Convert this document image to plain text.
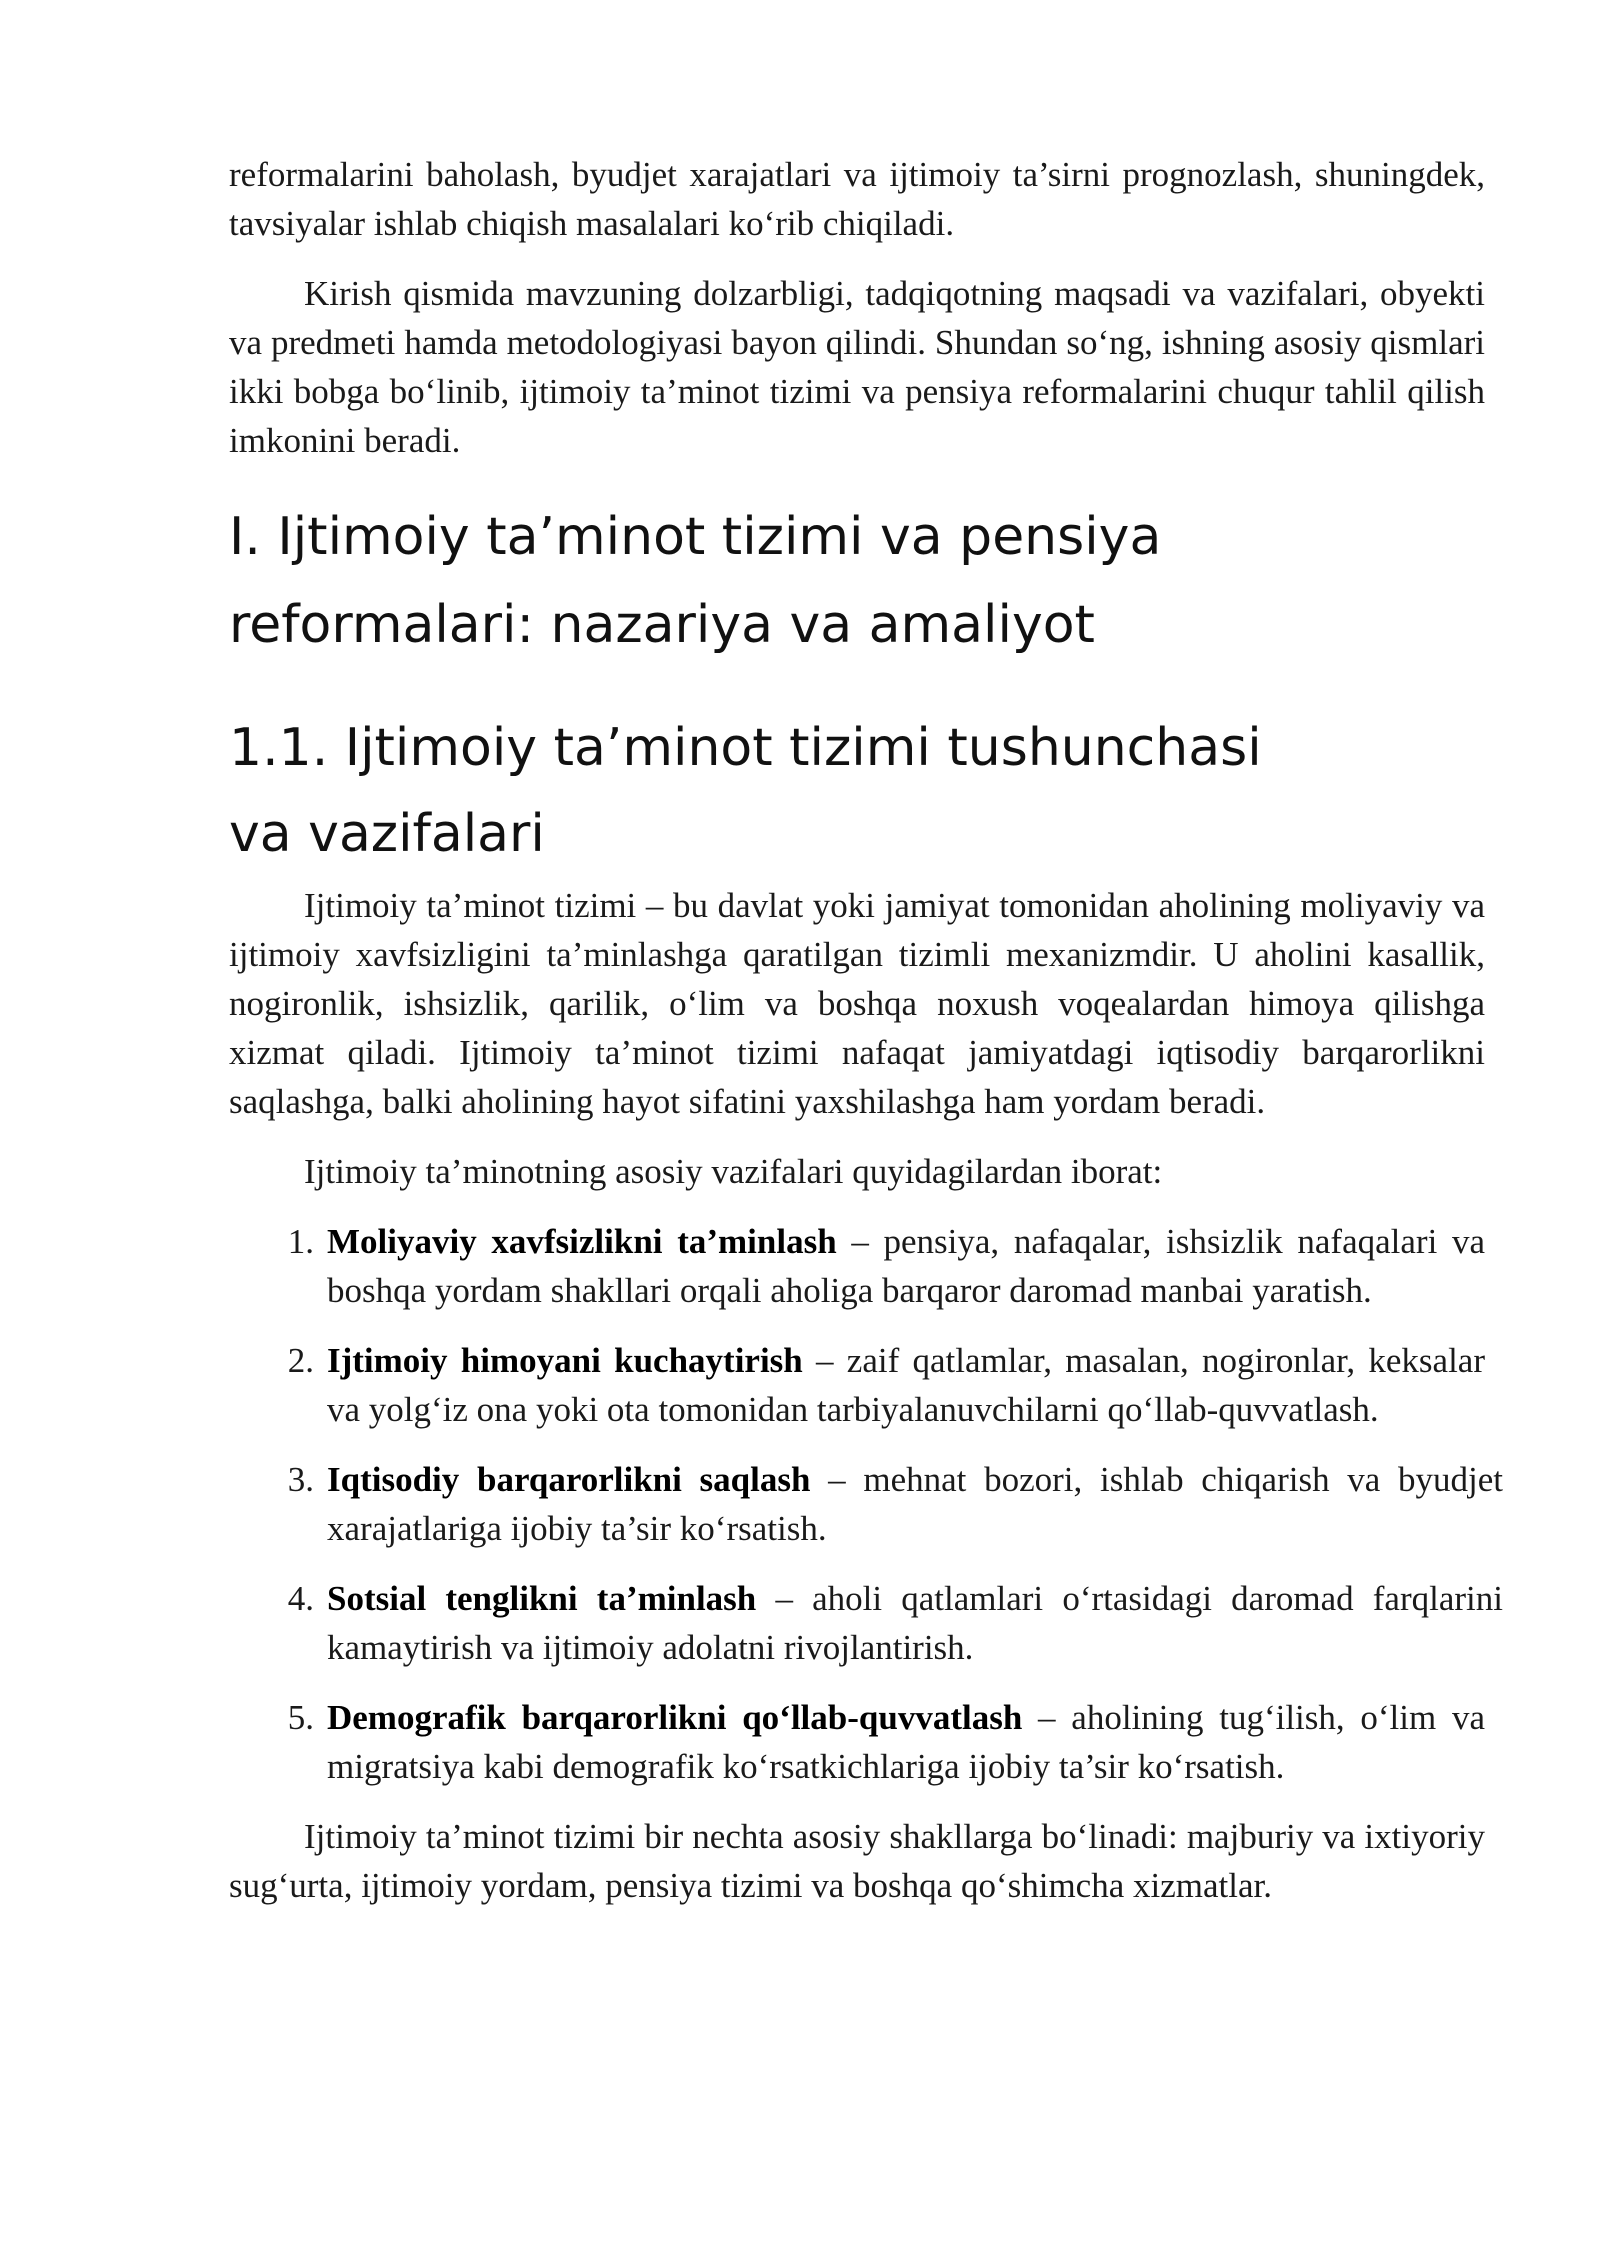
reformalarini baholash, byudjet xarajatlari va ijtimoiy ta’sirni prognozlash, shuningdek, tavsiyalar ishlab chiqish masalalari ko‘rib chiqiladi.

Kirish qismida mavzuning dolzarbligi, tadqiqotning maqsadi va vazifalari, obyekti va predmeti hamda metodologiyasi bayon qilindi. Shundan so‘ng, ishning asosiy qismlari ikki bobga bo‘linib, ijtimoiy ta’minot tizimi va pensiya reformalarini chuqur tahlil qilish imkonini beradi.

I. Ijtimoiy ta’minot tizimi va pensiya reformalari: nazariya va amaliyot
1.1. Ijtimoiy ta’minot tizimi tushunchasi va vazifalari

Ijtimoiy ta’minot tizimi – bu davlat yoki jamiyat tomonidan aholining moliyaviy va ijtimoiy xavfsizligini ta’minlashga qaratilgan tizimli mexanizmdir. U aholini kasallik, nogironlik, ishsizlik, qarilik, o‘lim va boshqa noxush voqealardan himoya qilishga xizmat qiladi. Ijtimoiy ta’minot tizimi nafaqat jamiyatdagi iqtisodiy barqarorlikni saqlashga, balki aholining hayot sifatini yaxshilashga ham yordam beradi.

Ijtimoiy ta’minotning asosiy vazifalari quyidagilardan iborat:

1. Moliyaviy xavfsizlikni ta’minlash – pensiya, nafaqalar, ishsizlik nafaqalari va boshqa yordam shakllari orqali aholiga barqaror daromad manbai yaratish.
2. Ijtimoiy himoyani kuchaytirish – zaif qatlamlar, masalan, nogironlar, keksalar va yolg‘iz ona yoki ota tomonidan tarbiyalanuvchilarni qo‘llab-quvvatlash.
3. Iqtisodiy barqarorlikni saqlash – mehnat bozori, ishlab chiqarish va byudjet xarajatlariga ijobiy ta’sir ko‘rsatish.
4. Sotsial tenglikni ta’minlash – aholi qatlamlari o‘rtasidagi daromad farqlarini kamaytirish va ijtimoiy adolatni rivojlantirish.
5. Demografik barqarorlikni qo‘llab-quvvatlash – aholining tug‘ilish, o‘lim va migratsiya kabi demografik ko‘rsatkichlariga ijobiy ta’sir ko‘rsatish.

Ijtimoiy ta’minot tizimi bir nechta asosiy shakllarga bo‘linadi: majburiy va ixtiyoriy sug‘urta, ijtimoiy yordam, pensiya tizimi va boshqa qo‘shimcha xizmatlar.
